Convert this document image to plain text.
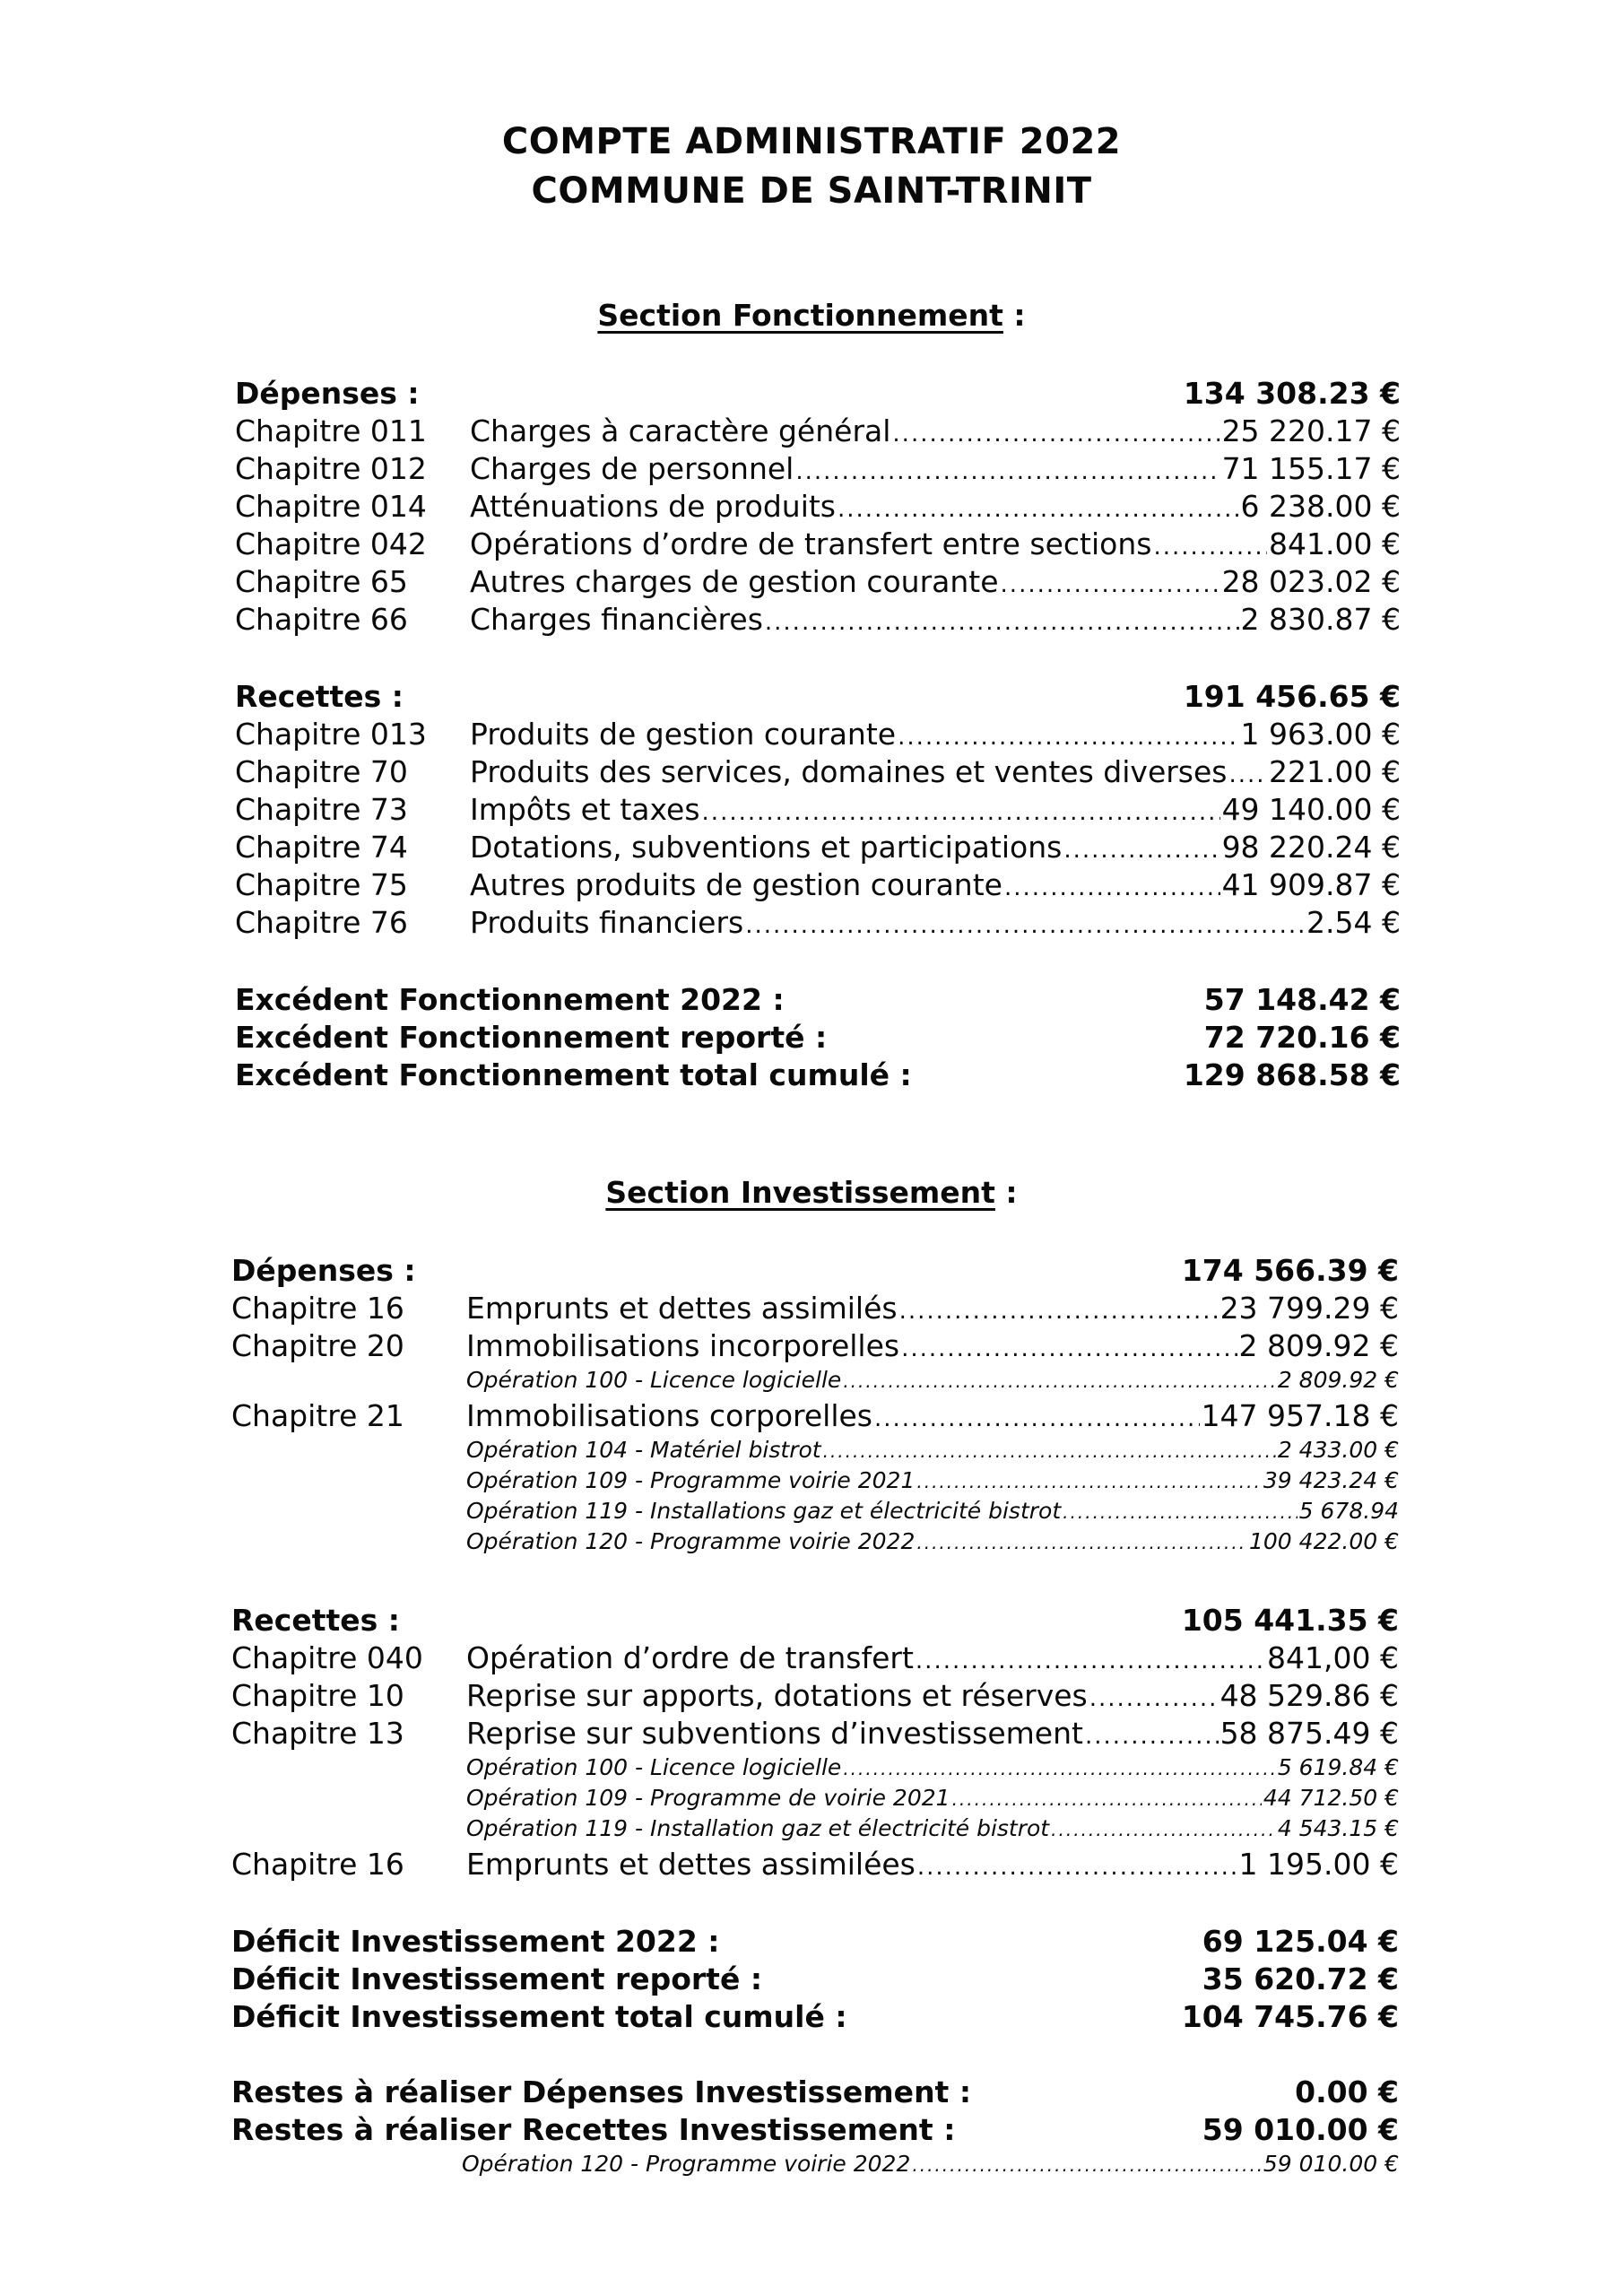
COMPTE ADMINISTRATIF 2022
COMMUNE DE SAINT-TRINIT
Section Fonctionnement :
Dépenses :	134 308.23 €
Chapitre 011	Charges à caractère général .....	25 220.17 €
Chapitre 012	Charges de personnel .....	71 155.17 €
Chapitre 014	Atténuations de produits .....	6 238.00 €
Chapitre 042	Opérations d’ordre de transfert entre sections .....	841.00 €
Chapitre 65	Autres charges de gestion courante .....	28 023.02 €
Chapitre 66	Charges financières .....	2 830.87 €
Recettes :	191 456.65 €
Chapitre 013	Produits de gestion courante .....	1 963.00 €
Chapitre 70	Produits des services, domaines et ventes diverses ..... 221.00 €
Chapitre 73	Impôts et taxes .....	49 140.00 €
Chapitre 74	Dotations, subventions et participations .....	98 220.24 €
Chapitre 75	Autres produits de gestion courante .....	41 909.87 €
Chapitre 76	Produits financiers .....	2.54 €
Excédent Fonctionnement 2022 :	57 148.42 €
Excédent Fonctionnement reporté :	72 720.16 €
Excédent Fonctionnement total cumulé :	129 868.58 €
Section Investissement :
Dépenses :	174 566.39 €
Chapitre 16	Emprunts et dettes assimilés .....	23 799.29 €
Chapitre 20	Immobilisations incorporelles .....	2 809.92 €
Opération 100 - Licence logicielle .....	2 809.92 €
Chapitre 21	Immobilisations corporelles .....	147 957.18 €
Opération 104 - Matériel bistrot .....	2 433.00 €
Opération 109 - Programme voirie 2021 .....	39 423.24 €
Opération 119 - Installations gaz et électricité bistrot .....	5 678.94
Opération 120 - Programme voirie 2022 .....	100 422.00 €
Recettes :	105 441.35 €
Chapitre 040	Opération d’ordre de transfert .....	841,00 €
Chapitre 10	Reprise sur apports, dotations et réserves .....	48 529.86 €
Chapitre 13	Reprise sur subventions d’investissement .....	58 875.49 €
Opération 100 - Licence logicielle .....	5 619.84 €
Opération 109 - Programme de voirie 2021 .....	44 712.50 €
Opération 119 - Installation gaz et électricité bistrot .....	4 543.15 €
Chapitre 16	Emprunts et dettes assimilées .....	1 195.00 €
Déficit Investissement 2022 :	69 125.04 €
Déficit Investissement reporté :	35 620.72 €
Déficit Investissement total cumulé :	104 745.76 €
Restes à réaliser Dépenses Investissement :	0.00 €
Restes à réaliser Recettes Investissement :	59 010.00 €
Opération 120 - Programme voirie 2022 .....	59 010.00 €
